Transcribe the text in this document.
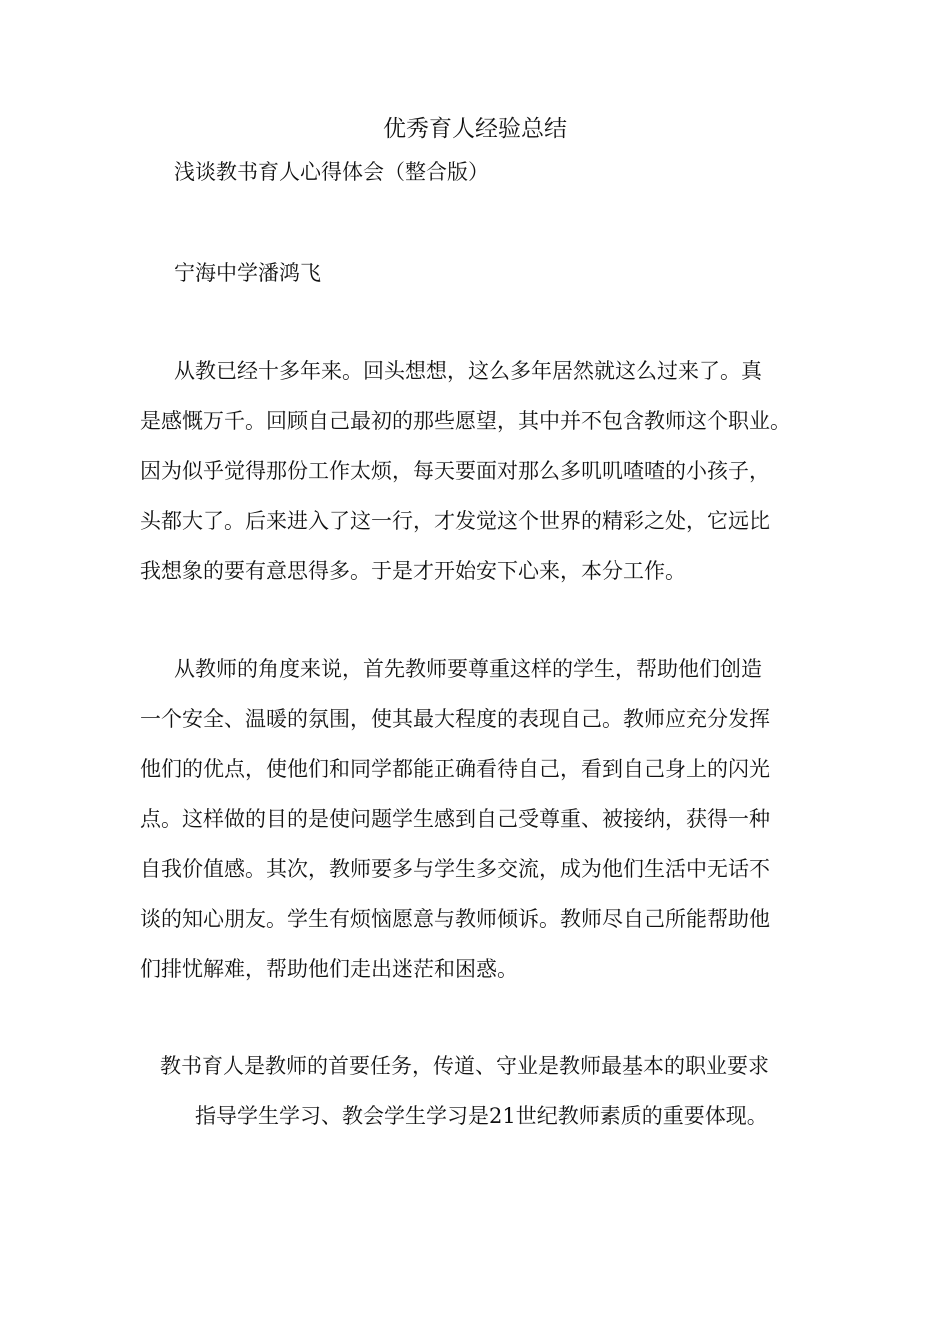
优秀育人经验总结
浅谈教书育人心得体会（整合版）
宁海中学潘鸿飞
从教已经十多年来。回头想想，这么多年居然就这么过来了。真
是感慨万千。回顾自己最初的那些愿望，其中并不包含教师这个职业。
因为似乎觉得那份工作太烦，每天要面对那么多叽叽喳喳的小孩子，
头都大了。后来进入了这一行，才发觉这个世界的精彩之处，它远比
我想象的要有意思得多。于是才开始安下心来，本分工作。
从教师的角度来说，首先教师要尊重这样的学生，帮助他们创造
一个安全、温暖的氛围，使其最大程度的表现自己。教师应充分发挥
他们的优点，使他们和同学都能正确看待自己，看到自己身上的闪光
点。这样做的目的是使问题学生感到自己受尊重、被接纳，获得一种
自我价值感。其次，教师要多与学生多交流，成为他们生活中无话不
谈的知心朋友。学生有烦恼愿意与教师倾诉。教师尽自己所能帮助他
们排忧解难，帮助他们走出迷茫和困惑。
教书育人是教师的首要任务，传道、守业是教师最基本的职业要求
指导学生学习、教会学生学习是21世纪教师素质的重要体现。
